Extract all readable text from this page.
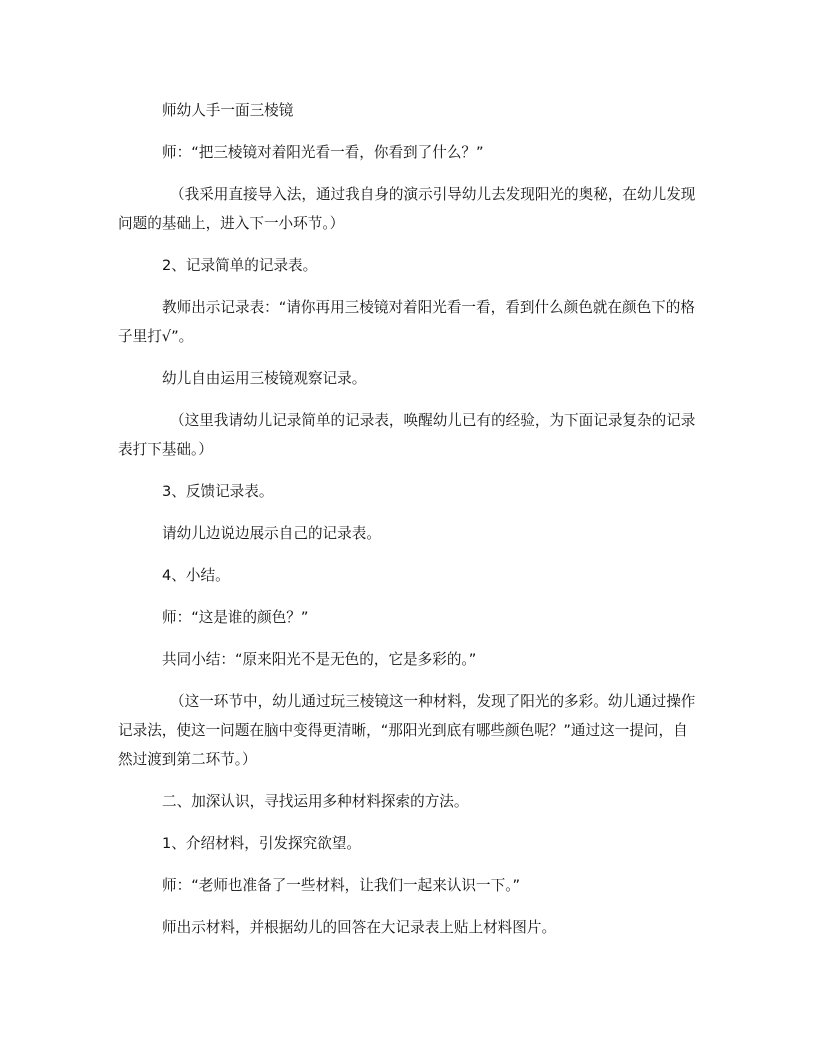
师幼人手一面三棱镜

师：“把三棱镜对着阳光看一看，你看到了什么？”

（我采用直接导入法，通过我自身的演示引导幼儿去发现阳光的奥秘，在幼儿发现问题的基础上，进入下一小环节。）

2、记录简单的记录表。

教师出示记录表：“请你再用三棱镜对着阳光看一看，看到什么颜色就在颜色下的格子里打√”。

幼儿自由运用三棱镜观察记录。

（这里我请幼儿记录简单的记录表，唤醒幼儿已有的经验，为下面记录复杂的记录表打下基础。）

3、反馈记录表。

请幼儿边说边展示自己的记录表。

4、小结。

师：“这是谁的颜色？”

共同小结：“原来阳光不是无色的，它是多彩的。”

（这一环节中，幼儿通过玩三棱镜这一种材料，发现了阳光的多彩。幼儿通过操作记录法，使这一问题在脑中变得更清晰，“那阳光到底有哪些颜色呢？”通过这一提问，自然过渡到第二环节。）

二、加深认识，寻找运用多种材料探索的方法。

1、介绍材料，引发探究欲望。

师：“老师也准备了一些材料，让我们一起来认识一下。”

师出示材料，并根据幼儿的回答在大记录表上贴上材料图片。
